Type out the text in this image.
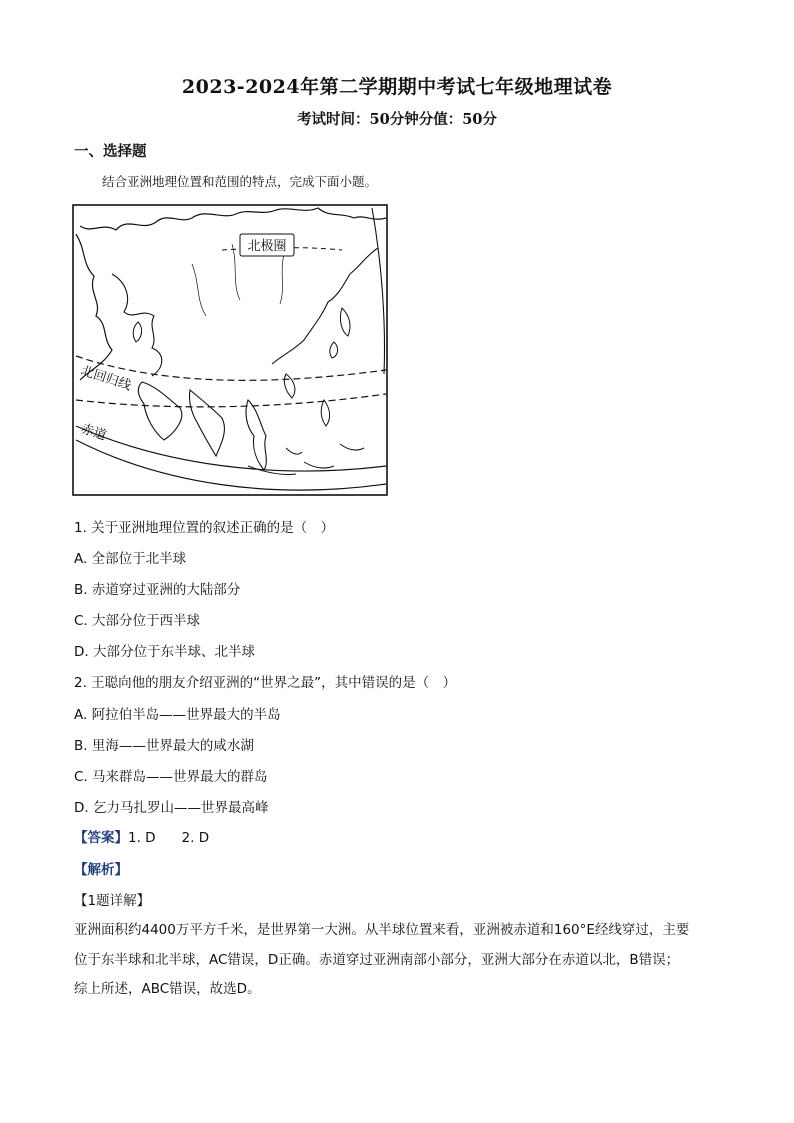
2023-2024年第二学期期中考试七年级地理试卷
考试时间：50分钟分值：50分
一、选择题
结合亚洲地理位置和范围的特点，完成下面小题。
北极圈
北回归线
赤道
1. 关于亚洲地理位置的叙述正确的是（　）
A. 全部位于北半球
B. 赤道穿过亚洲的大陆部分
C. 大部分位于西半球
D. 大部分位于东半球、北半球
2. 王聪向他的朋友介绍亚洲的“世界之最”，其中错误的是（　）
A. 阿拉伯半岛——世界最大的半岛
B. 里海——世界最大的咸水湖
C. 马来群岛——世界最大的群岛
D. 乞力马扎罗山——世界最高峰
【答案】1. D 2. D
【解析】
【1题详解】
亚洲面积约4400万平方千米，是世界第一大洲。从半球位置来看，亚洲被赤道和160°E经线穿过，主要
位于东半球和北半球，AC错误，D正确。赤道穿过亚洲南部小部分，亚洲大部分在赤道以北，B错误；
综上所述，ABC错误，故选D。
